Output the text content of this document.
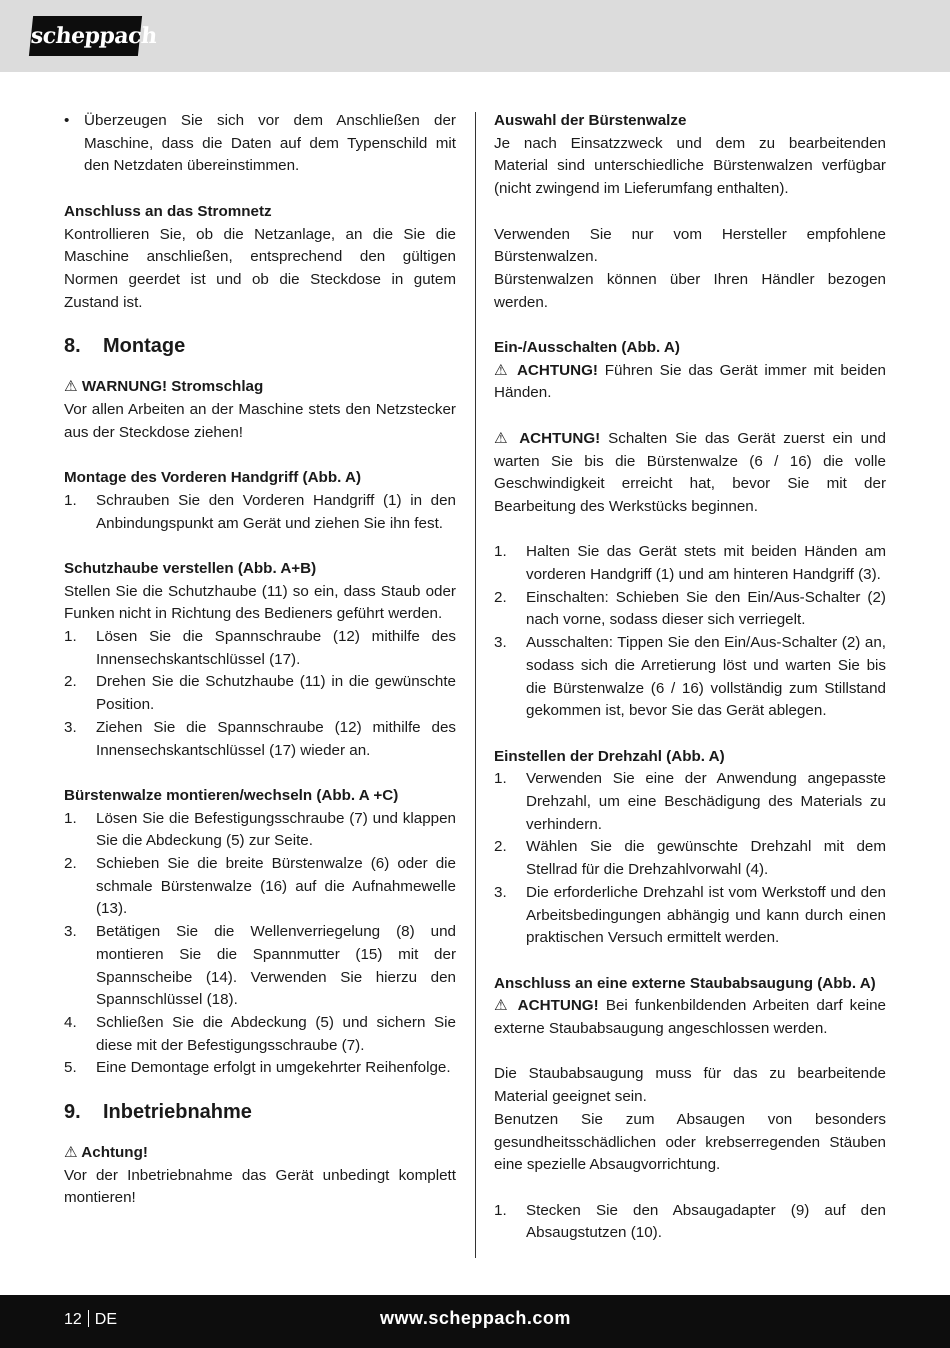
scheppach
• Überzeugen Sie sich vor dem Anschließen der Maschine, dass die Daten auf dem Typenschild mit den Netzdaten übereinstimmen.

Anschluss an das Stromnetz

Kontrollieren Sie, ob die Netzanlage, an die Sie die Maschine anschließen, entsprechend den gültigen Normen geerdet ist und ob die Steckdose in gutem Zustand ist.

8.	Montage

⚠ WARNUNG! Stromschlag

Vor allen Arbeiten an der Maschine stets den Netzstecker aus der Steckdose ziehen!

Montage des Vorderen Handgriff (Abb. A)

1.	Schrauben Sie den Vorderen Handgriff (1) in den Anbindungspunkt am Gerät und ziehen Sie ihn fest.

Schutzhaube verstellen (Abb. A+B)

Stellen Sie die Schutzhaube (11) so ein, dass Staub oder Funken nicht in Richtung des Bedieners geführt werden.

1.	Lösen Sie die Spannschraube (12) mithilfe des Innensechskantschlüssel (17).
2.	Drehen Sie die Schutzhaube (11) in die gewünschte Position.
3.	Ziehen Sie die Spannschraube (12) mithilfe des Innensechskantschlüssel (17) wieder an.

Bürstenwalze montieren/wechseln (Abb. A +C)

1.	Lösen Sie die Befestigungsschraube (7) und klappen Sie die Abdeckung (5) zur Seite.
2.	Schieben Sie die breite Bürstenwalze (6) oder die schmale Bürstenwalze (16) auf die Aufnahmewelle (13).
3.	Betätigen Sie die Wellenverriegelung (8) und montieren Sie die Spannmutter (15) mit der Spannscheibe (14). Verwenden Sie hierzu den Spannschlüssel (18).
4.	Schließen Sie die Abdeckung (5) und sichern Sie diese mit der Befestigungsschraube (7).
5.	Eine Demontage erfolgt in umgekehrter Reihenfolge.
9.	Inbetriebnahme

⚠ Achtung!

Vor der Inbetriebnahme das Gerät unbedingt komplett montieren!

Auswahl der Bürstenwalze

Je nach Einsatzzweck und dem zu bearbeitenden Material sind unterschiedliche Bürstenwalzen verfügbar (nicht zwingend im Lieferumfang enthalten).

Verwenden Sie nur vom Hersteller empfohlene Bürstenwalzen.

Bürstenwalzen können über Ihren Händler bezogen werden.

Ein-/Ausschalten (Abb. A)

⚠ ACHTUNG! Führen Sie das Gerät immer mit beiden Händen.

⚠ ACHTUNG! Schalten Sie das Gerät zuerst ein und warten Sie bis die Bürstenwalze (6 / 16) die volle Geschwindigkeit erreicht hat, bevor Sie mit der Bearbeitung des Werkstücks beginnen.

1.	Halten Sie das Gerät stets mit beiden Händen am vorderen Handgriff (1) und am hinteren Handgriff (3).
2.	Einschalten: Schieben Sie den Ein/Aus-Schalter (2) nach vorne, sodass dieser sich verriegelt.
3.	Ausschalten: Tippen Sie den Ein/Aus-Schalter (2) an, sodass sich die Arretierung löst und warten Sie bis die Bürstenwalze (6 / 16) vollständig zum Stillstand gekommen ist, bevor Sie das Gerät ablegen.

Einstellen der Drehzahl (Abb. A)

1.	Verwenden Sie eine der Anwendung angepasste Drehzahl, um eine Beschädigung des Materials zu verhindern.
2.	Wählen Sie die gewünschte Drehzahl mit dem Stellrad für die Drehzahlvorwahl (4).
3.	Die erforderliche Drehzahl ist vom Werkstoff und den Arbeitsbedingungen abhängig und kann durch einen praktischen Versuch ermittelt werden.

Anschluss an eine externe Staubabsaugung (Abb. A)

⚠ ACHTUNG! Bei funkenbildenden Arbeiten darf keine externe Staubabsaugung angeschlossen werden.

Die Staubabsaugung muss für das zu bearbeitende Material geeignet sein.

Benutzen Sie zum Absaugen von besonders gesundheitsschädlichen oder krebserregenden Stäuben eine spezielle Absaugvorrichtung.

1.	Stecken Sie den Absaugadapter (9) auf den Absaugstutzen (10).
12 DE	www.scheppach.com
